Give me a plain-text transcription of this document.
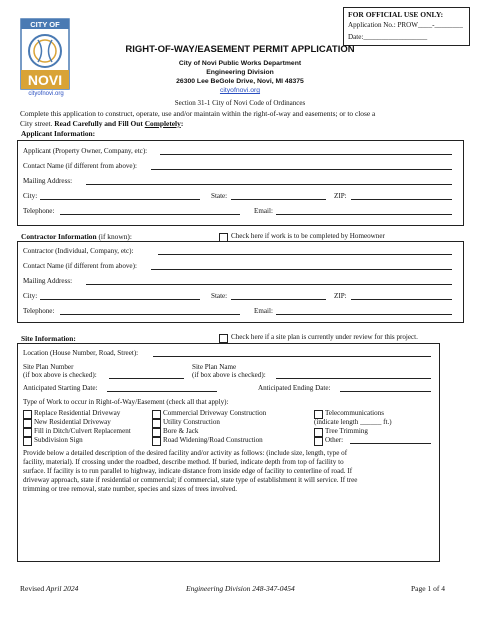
CITY OF
NOVI
cityofnovi.org
FOR OFFICIAL USE ONLY:
Application No.: PROW____-________
Date:__________________
RIGHT-OF-WAY/EASEMENT PERMIT APPLICATION
City of Novi Public Works Department
Engineering Division
26300 Lee BeGole Drive, Novi, MI 48375
cityofnovi.org
Section 31-1 City of Novi Code of Ordinances
Complete this application to construct, operate, use and/or maintain within the right-of-way and easements; or to close a
City street. Read Carefully and Fill Out Completely:
Applicant Information:
Applicant (Property Owner, Company, etc):
Contact Name (if different from above):
Mailing Address:
City:	State:	ZIP:
Telephone:	Email:
Contractor Information (if known):	Check here if work is to be completed by Homeowner
Contractor (Individual, Company, etc):
Contact Name (if different from above):
Mailing Address:
City:	State:	ZIP:
Telephone:	Email:
Site Information:	Check here if a site plan is currently under review for this project.
Location (House Number, Road, Street):
Site Plan Number
(if box above is checked):
Site Plan Name
(if box above is checked):
Anticipated Starting Date:	Anticipated Ending Date:
Type of Work to occur in Right-of-Way/Easement (check all that apply):
Replace Residential Driveway
New Residential Driveway
Fill in Ditch/Culvert Replacement
Subdivision Sign
Commercial Driveway Construction
Utility Construction
Bore & Jack
Road Widening/Road Construction
Telecommunications
(indicate length ______ ft.)
Tree Trimming
Other:
Provide below a detailed description of the desired facility and/or activity as follows: (include size, length, type of
facility, material). If crossing under the roadbed, describe method. If buried, indicate depth from top of facility to
surface. If facility is to run parallel to highway, indicate distance from inside edge of facility to centerline of road. If
driveway approach, state if residential or commercial; if commercial, state type of establishment it will service. If tree
trimming or tree removal, state number, species and sizes of trees involved.
Revised April 2024	Engineering Division 248-347-0454	Page 1 of 4
